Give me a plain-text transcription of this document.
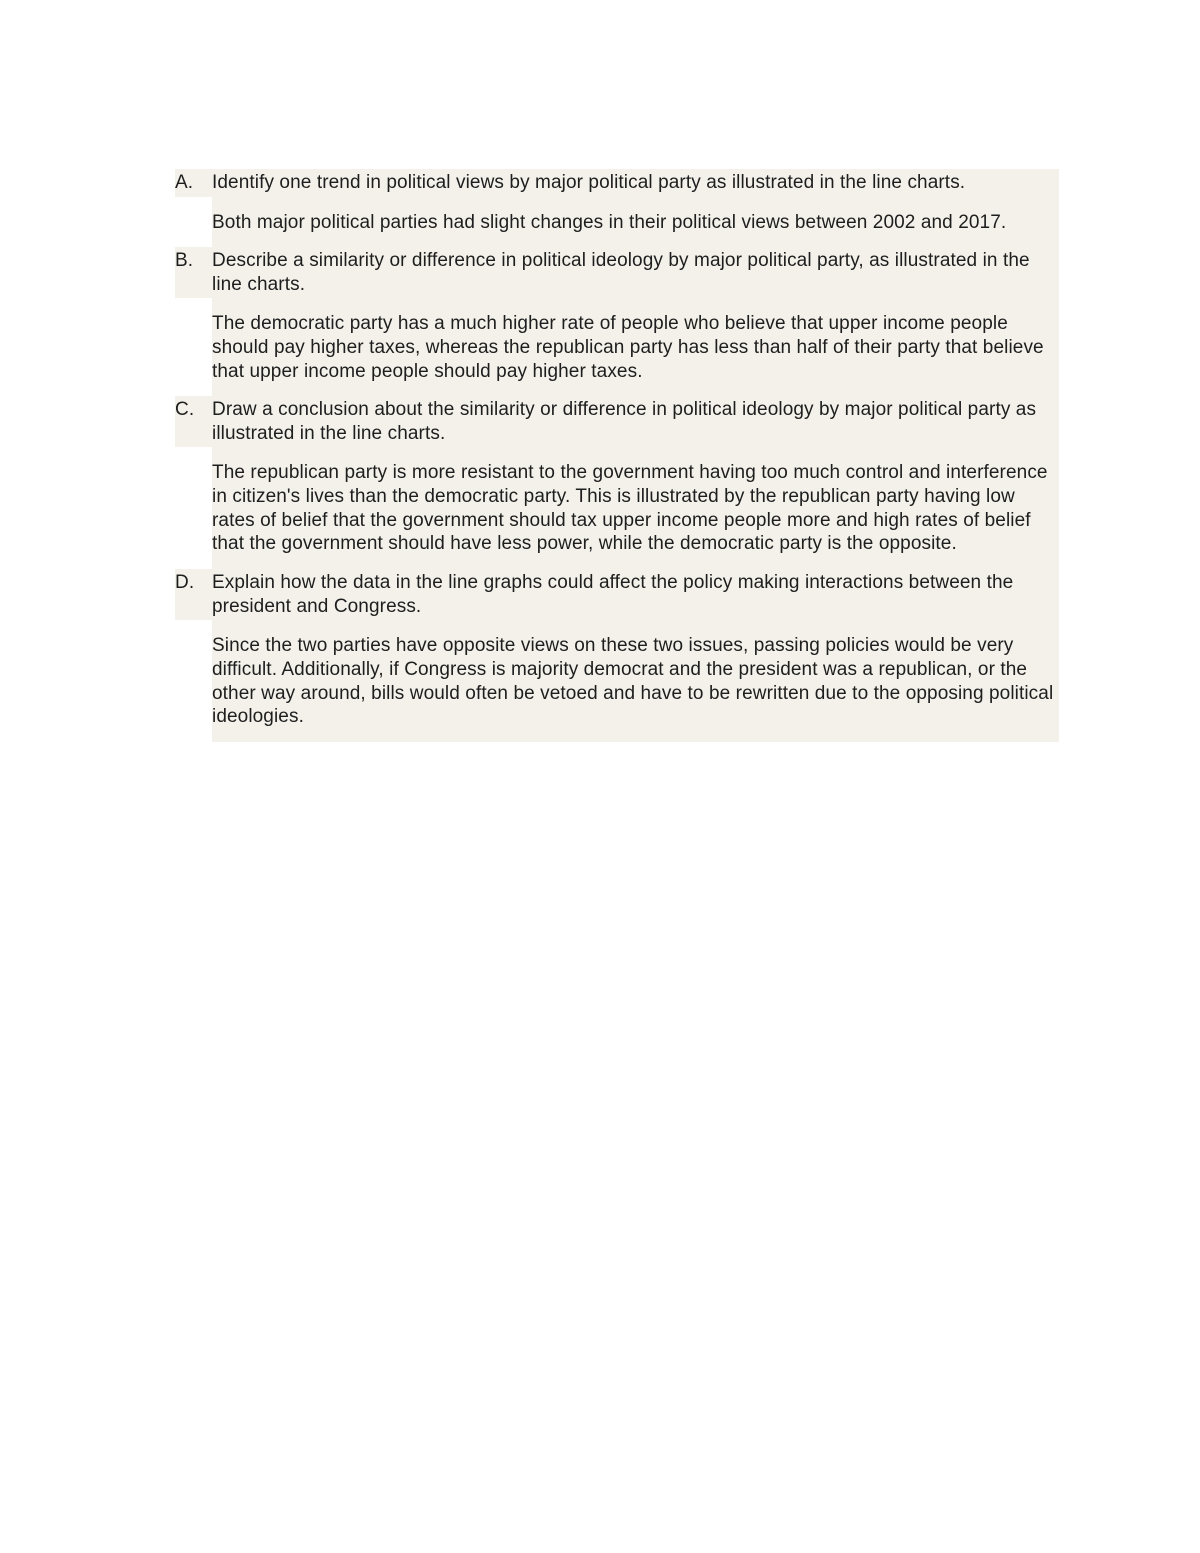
A. Identify one trend in political views by major political party as illustrated in the line charts.
Both major political parties had slight changes in their political views between 2002 and 2017.
B. Describe a similarity or difference in political ideology by major political party, as illustrated in the line charts.
The democratic party has a much higher rate of people who believe that upper income people should pay higher taxes, whereas the republican party has less than half of their party that believe that upper income people should pay higher taxes.
C. Draw a conclusion about the similarity or difference in political ideology by major political party as illustrated in the line charts.
The republican party is more resistant to the government having too much control and interference in citizen's lives than the democratic party. This is illustrated by the republican party having low rates of belief that the government should tax upper income people more and high rates of belief that the government should have less power, while the democratic party is the opposite.
D. Explain how the data in the line graphs could affect the policy making interactions between the president and Congress.
Since the two parties have opposite views on these two issues, passing policies would be very difficult. Additionally, if Congress is majority democrat and the president was a republican, or the other way around, bills would often be vetoed and have to be rewritten due to the opposing political ideologies.
